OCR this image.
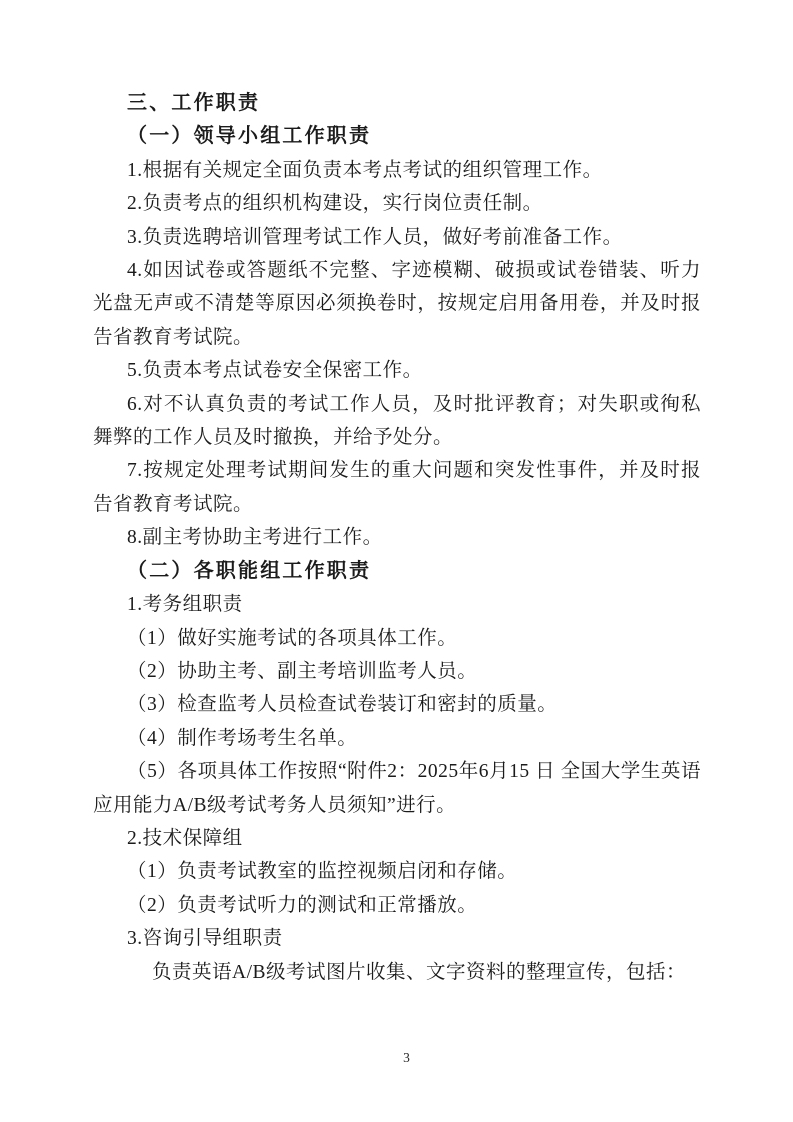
三、工作职责

（一）领导小组工作职责

1.根据有关规定全面负责本考点考试的组织管理工作。

2.负责考点的组织机构建设，实行岗位责任制。

3.负责选聘培训管理考试工作人员，做好考前准备工作。

4.如因试卷或答题纸不完整、字迹模糊、破损或试卷错装、听力光盘无声或不清楚等原因必须换卷时，按规定启用备用卷，并及时报告省教育考试院。

5.负责本考点试卷安全保密工作。

6.对不认真负责的考试工作人员，及时批评教育；对失职或徇私舞弊的工作人员及时撤换，并给予处分。

7.按规定处理考试期间发生的重大问题和突发性事件，并及时报告省教育考试院。

8.副主考协助主考进行工作。

（二）各职能组工作职责

1.考务组职责

（1）做好实施考试的各项具体工作。

（2）协助主考、副主考培训监考人员。

（3）检查监考人员检查试卷装订和密封的质量。

（4）制作考场考生名单。

（5）各项具体工作按照“附件2：2025年6月15 日 全国大学生英语应用能力A/B级考试考务人员须知”进行。

2.技术保障组

（1）负责考试教室的监控视频启闭和存储。

（2）负责考试听力的测试和正常播放。

3.咨询引导组职责

负责英语A/B级考试图片收集、文字资料的整理宣传，包括：

3
